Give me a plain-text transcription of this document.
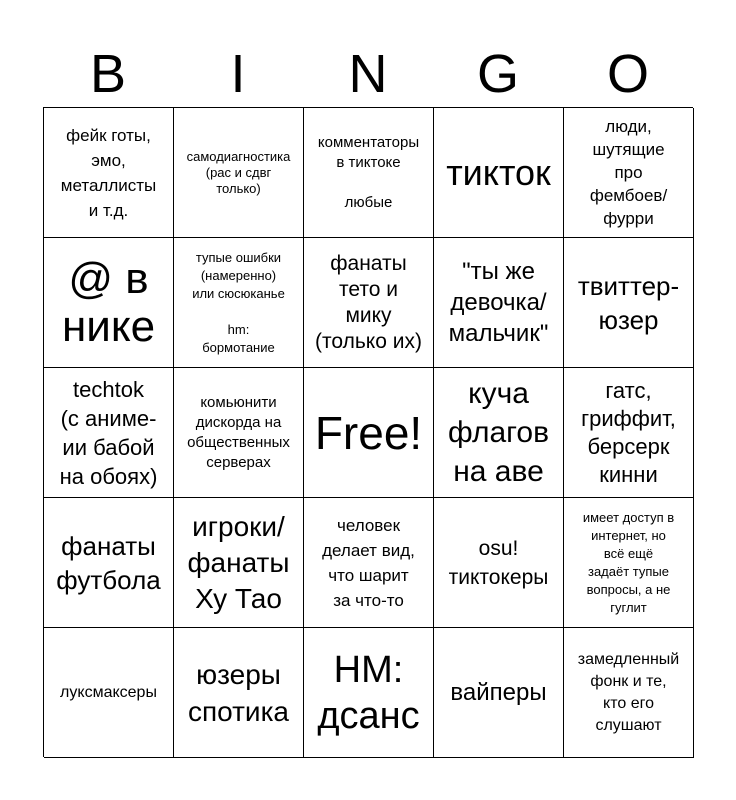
B	I	N	G	O
фейк готы,
эмо,
металлисты
и т.д.
самодиагностика
(рас и сдвг
только)
комментаторы
в тиктоке

любые
тикток
люди,
шутящие
про
фембоев/
фурри
@ в
нике
тупые ошибки
(намеренно)
или сюсюканье

hm:
бормотание
фанаты
тето и
мику
(только их)
"ты же
девочка/
мальчик"
твиттер-
юзер
techtok
(с аниме-
ии бабой
на обоях)
комьюнити
дискорда на
общественных
серверах
Free!
куча
флагов
на аве
гатс,
гриффит,
берсерк
кинни
фанаты
футбола
игроки/
фанаты
Ху Тао
человек
делает вид,
что шарит
за что-то
osu!
тиктокеры
имеет доступ в
интернет, но
всё ещё
задаёт тупые
вопросы, а не
гуглит
луксмаксеры
юзеры
спотика
НМ:
дсанс
вайперы
замедленный
фонк и те,
кто его
слушают
